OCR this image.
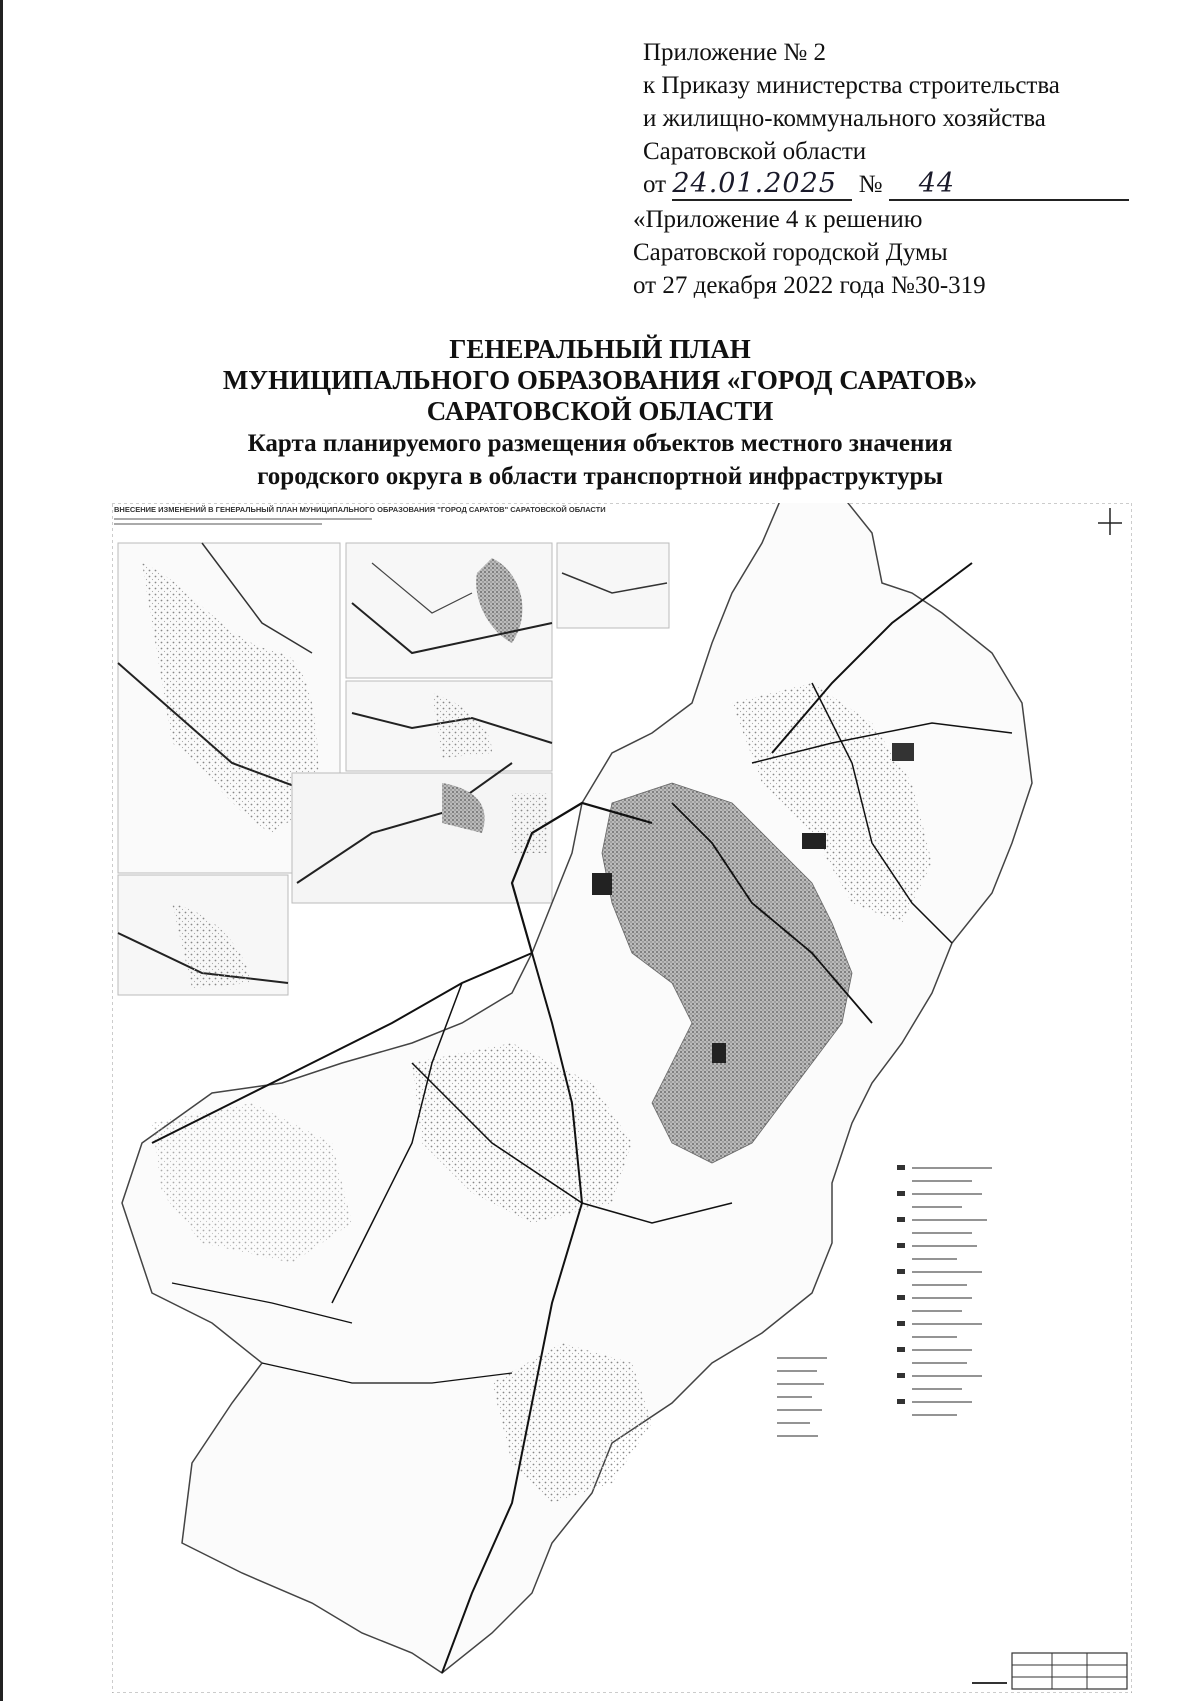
Приложение № 2
к Приказу министерства строительства
и жилищно-коммунального хозяйства
Саратовской области
от 24.01.2025 № 44
«Приложение 4 к решению
Саратовской городской Думы
от 27 декабря 2022 года №30-319
ГЕНЕРАЛЬНЫЙ ПЛАН
МУНИЦИПАЛЬНОГО ОБРАЗОВАНИЯ «ГОРОД САРАТОВ»
САРАТОВСКОЙ ОБЛАСТИ
Карта планируемого размещения объектов местного значения
городского округа в области транспортной инфраструктуры
ВНЕСЕНИЕ ИЗМЕНЕНИЙ В ГЕНЕРАЛЬНЫЙ ПЛАН МУНИЦИПАЛЬНОГО ОБРАЗОВАНИЯ "ГОРОД САРАТОВ" САРАТОВСКОЙ ОБЛАСТИ
